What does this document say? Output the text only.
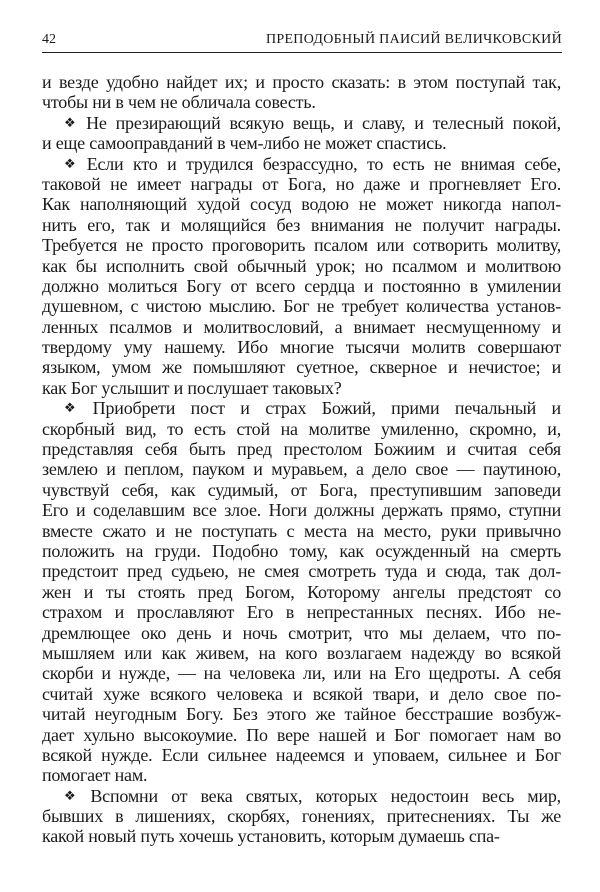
42	ПРЕПОДОБНЫЙ ПАИСИЙ ВЕЛИЧКОВСКИЙ
и везде удобно найдет их; и просто сказать: в этом поступай так,
чтобы ни в чем не обличала совесть.
❖ Не презирающий всякую вещь, и славу, и телесный покой,
и еще самооправданий в чем-либо не может спастись.
❖ Если кто и трудился безрассудно, то есть не внимая себе,
таковой не имеет награды от Бога, но даже и прогневляет Его.
Как наполняющий худой сосуд водою не может никогда напол-
нить его, так и молящийся без внимания не получит награды.
Требуется не просто проговорить псалом или сотворить молитву,
как бы исполнить свой обычный урок; но псалмом и молитвою
должно молиться Богу от всего сердца и постоянно в умилении
душевном, с чистою мыслию. Бог не требует количества установ-
ленных псалмов и молитвословий, а внимает несмущенному и
твердому уму нашему. Ибо многие тысячи молитв совершают
языком, умом же помышляют суетное, скверное и нечистое; и
как Бог услышит и послушает таковых?
❖ Приобрети пост и страх Божий, прими печальный и
скорбный вид, то есть стой на молитве умиленно, скромно, и,
представляя себя быть пред престолом Божиим и считая себя
землею и пеплом, пауком и муравьем, а дело свое — паутиною,
чувствуй себя, как судимый, от Бога, преступившим заповеди
Его и соделавшим все злое. Ноги должны держать прямо, ступни
вместе сжато и не поступать с места на место, руки привычно
положить на груди. Подобно тому, как осужденный на смерть
предстоит пред судьею, не смея смотреть туда и сюда, так дол-
жен и ты стоять пред Богом, Которому ангелы предстоят со
страхом и прославляют Его в непрестанных песнях. Ибо не-
дремлющее око день и ночь смотрит, что мы делаем, что по-
мышляем или как живем, на кого возлагаем надежду во всякой
скорби и нужде, — на человека ли, или на Его щедроты. А себя
считай хуже всякого человека и всякой твари, и дело свое по-
читай неугодным Богу. Без этого же тайное бесстрашие возбуж-
дает хульно высокоумие. По вере нашей и Бог помогает нам во
всякой нужде. Если сильнее надеемся и уповаем, сильнее и Бог
помогает нам.
❖ Вспомни от века святых, которых недостоин весь мир,
бывших в лишениях, скорбях, гонениях, притеснениях. Ты же
какой новый путь хочешь установить, которым думаешь спа-
